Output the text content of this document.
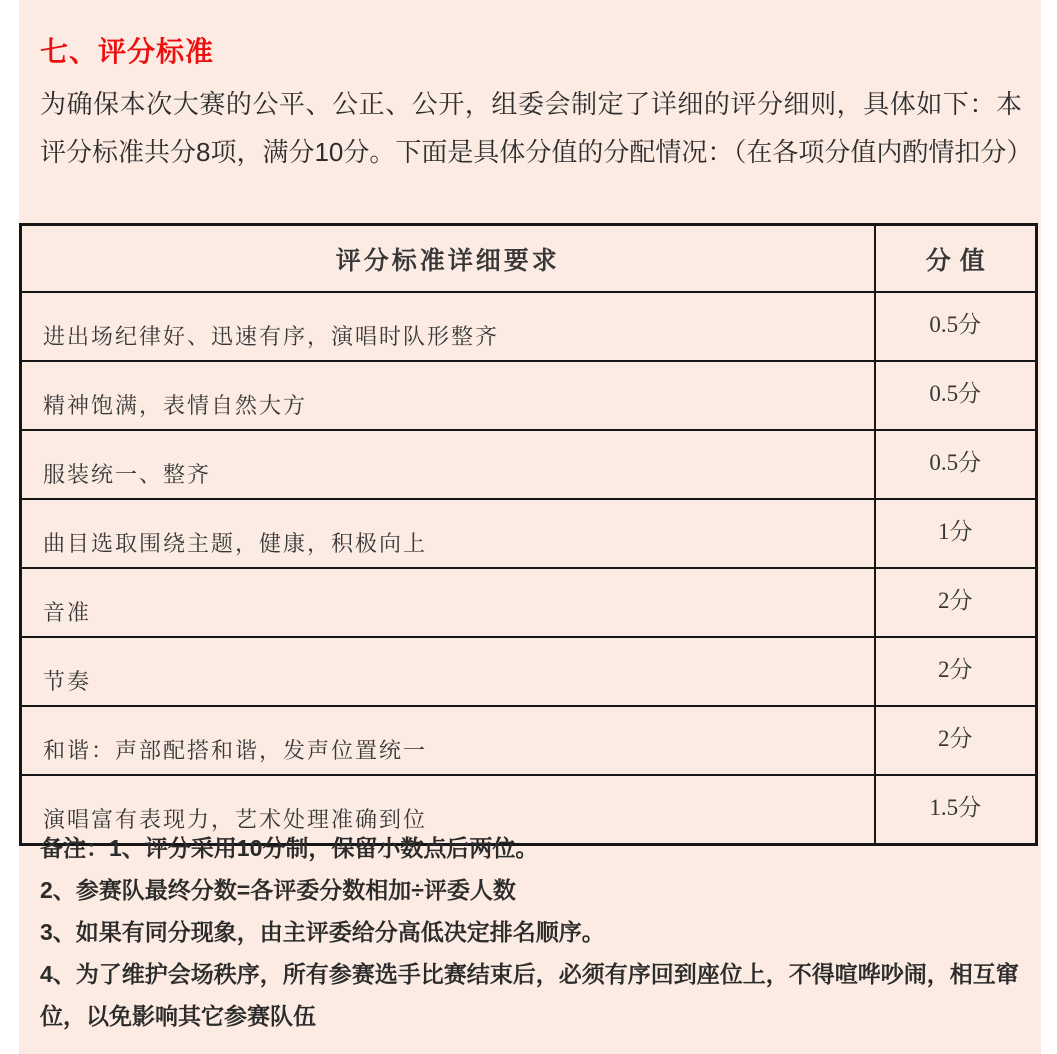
七、评分标准
为确保本次大赛的公平、公正、公开，组委会制定了详细的评分细则，具体如下：本评分标准共分8项，满分10分。下面是具体分值的分配情况：（在各项分值内酌情扣分）
评分标准详细要求	分值
进出场纪律好、迅速有序，演唱时队形整齐	0.5分
精神饱满，表情自然大方	0.5分
服装统一、整齐	0.5分
曲目选取围绕主题，健康，积极向上	1分
音准	2分
节奏	2分
和谐：声部配搭和谐，发声位置统一	2分
演唱富有表现力，艺术处理准确到位	1.5分

备注：1、评分采用10分制，保留小数点后两位。

2、参赛队最终分数=各评委分数相加÷评委人数

3、如果有同分现象，由主评委给分高低决定排名顺序。

4、为了维护会场秩序，所有参赛选手比赛结束后，必须有序回到座位上，不得喧哗吵闹，相互窜位，以免影响其它参赛队伍
